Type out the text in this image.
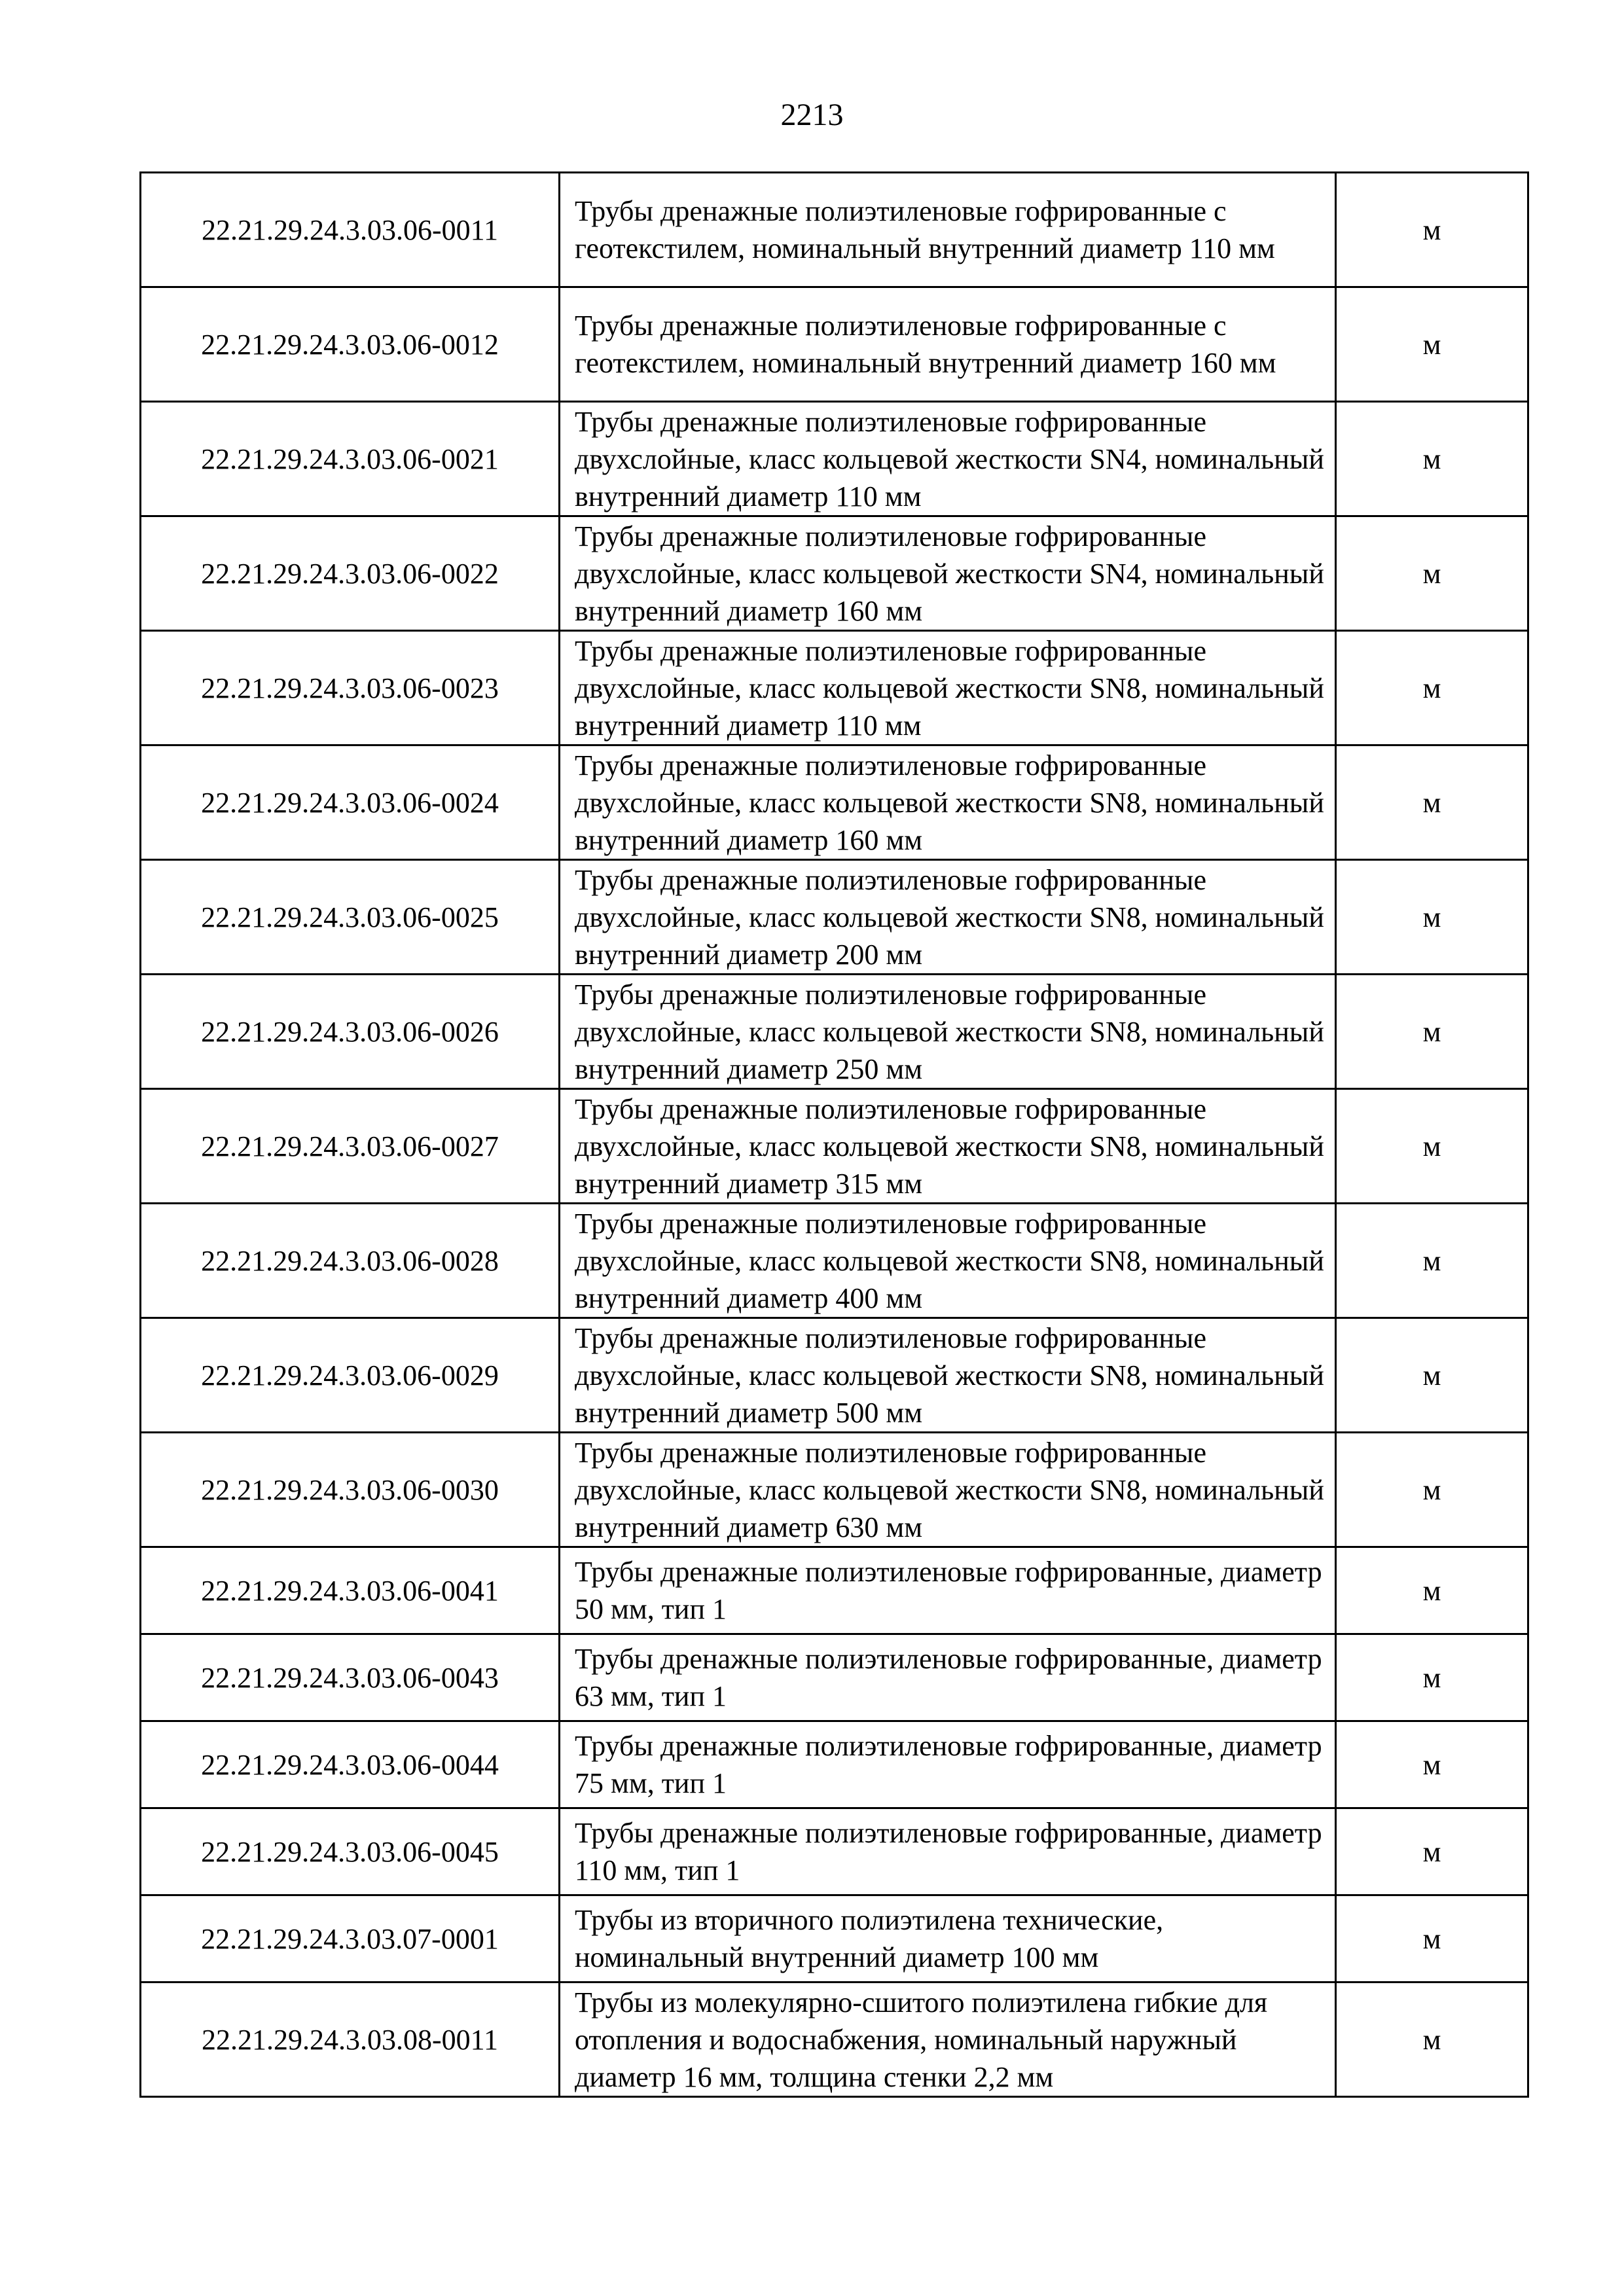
2213
22.21.29.24.3.03.06-0011	Трубы дренажные полиэтиленовые гофрированные с геотекстилем, номинальный внутренний диаметр 110 мм	м
22.21.29.24.3.03.06-0012	Трубы дренажные полиэтиленовые гофрированные с геотекстилем, номинальный внутренний диаметр 160 мм	м
22.21.29.24.3.03.06-0021	Трубы дренажные полиэтиленовые гофрированные двухслойные, класс кольцевой жесткости SN4, номинальный внутренний диаметр 110 мм	м
22.21.29.24.3.03.06-0022	Трубы дренажные полиэтиленовые гофрированные двухслойные, класс кольцевой жесткости SN4, номинальный внутренний диаметр 160 мм	м
22.21.29.24.3.03.06-0023	Трубы дренажные полиэтиленовые гофрированные двухслойные, класс кольцевой жесткости SN8, номинальный внутренний диаметр 110 мм	м
22.21.29.24.3.03.06-0024	Трубы дренажные полиэтиленовые гофрированные двухслойные, класс кольцевой жесткости SN8, номинальный внутренний диаметр 160 мм	м
22.21.29.24.3.03.06-0025	Трубы дренажные полиэтиленовые гофрированные двухслойные, класс кольцевой жесткости SN8, номинальный внутренний диаметр 200 мм	м
22.21.29.24.3.03.06-0026	Трубы дренажные полиэтиленовые гофрированные двухслойные, класс кольцевой жесткости SN8, номинальный внутренний диаметр 250 мм	м
22.21.29.24.3.03.06-0027	Трубы дренажные полиэтиленовые гофрированные двухслойные, класс кольцевой жесткости SN8, номинальный внутренний диаметр 315 мм	м
22.21.29.24.3.03.06-0028	Трубы дренажные полиэтиленовые гофрированные двухслойные, класс кольцевой жесткости SN8, номинальный внутренний диаметр 400 мм	м
22.21.29.24.3.03.06-0029	Трубы дренажные полиэтиленовые гофрированные двухслойные, класс кольцевой жесткости SN8, номинальный внутренний диаметр 500 мм	м
22.21.29.24.3.03.06-0030	Трубы дренажные полиэтиленовые гофрированные двухслойные, класс кольцевой жесткости SN8, номинальный внутренний диаметр 630 мм	м
22.21.29.24.3.03.06-0041	Трубы дренажные полиэтиленовые гофрированные, диаметр 50 мм, тип 1	м
22.21.29.24.3.03.06-0043	Трубы дренажные полиэтиленовые гофрированные, диаметр 63 мм, тип 1	м
22.21.29.24.3.03.06-0044	Трубы дренажные полиэтиленовые гофрированные, диаметр 75 мм, тип 1	м
22.21.29.24.3.03.06-0045	Трубы дренажные полиэтиленовые гофрированные, диаметр 110 мм, тип 1	м
22.21.29.24.3.03.07-0001	Трубы из вторичного полиэтилена технические, номинальный внутренний диаметр 100 мм	м
22.21.29.24.3.03.08-0011	Трубы из молекулярно-сшитого полиэтилена гибкие для отопления и водоснабжения, номинальный наружный диаметр 16 мм, толщина стенки 2,2 мм	м
